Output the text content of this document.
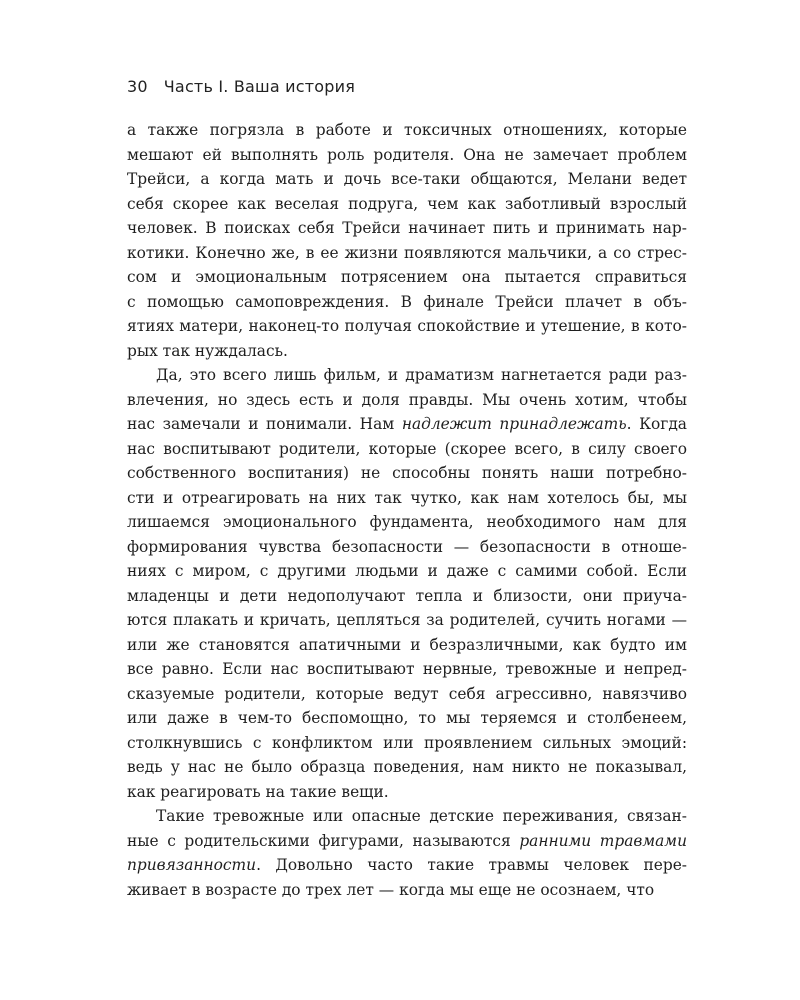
30 Часть I. Ваша история
а также погрязла в работе и токсичных отношениях, которые
мешают ей выполнять роль родителя. Она не замечает проблем
Трейси, а когда мать и дочь все-таки общаются, Мелани ведет
себя скорее как веселая подруга, чем как заботливый взрослый
человек. В поисках себя Трейси начинает пить и принимать нар-
котики. Конечно же, в ее жизни появляются мальчики, а со стрес-
сом и эмоциональным потрясением она пытается справиться
с помощью самоповреждения. В финале Трейси плачет в объ-
ятиях матери, наконец-то получая спокойствие и утешение, в кото-
рых так нуждалась.
Да, это всего лишь фильм, и драматизм нагнетается ради раз-
влечения, но здесь есть и доля правды. Мы очень хотим, чтобы
нас замечали и понимали. Нам надлежит принадлежать. Когда
нас воспитывают родители, которые (скорее всего, в силу своего
собственного воспитания) не способны понять наши потребно-
сти и отреагировать на них так чутко, как нам хотелось бы, мы
лишаемся эмоционального фундамента, необходимого нам для
формирования чувства безопасности — безопасности в отноше-
ниях с миром, с другими людьми и даже с самими собой. Если
младенцы и дети недополучают тепла и близости, они приуча-
ются плакать и кричать, цепляться за родителей, сучить ногами —
или же становятся апатичными и безразличными, как будто им
все равно. Если нас воспитывают нервные, тревожные и непред-
сказуемые родители, которые ведут себя агрессивно, навязчиво
или даже в чем-то беспомощно, то мы теряемся и столбенеем,
столкнувшись с конфликтом или проявлением сильных эмоций:
ведь у нас не было образца поведения, нам никто не показывал,
как реагировать на такие вещи.
Такие тревожные или опасные детские переживания, связан-
ные с родительскими фигурами, называются ранними травмами
привязанности. Довольно часто такие травмы человек пере-
живает в возрасте до трех лет — когда мы еще не осознаем, что
